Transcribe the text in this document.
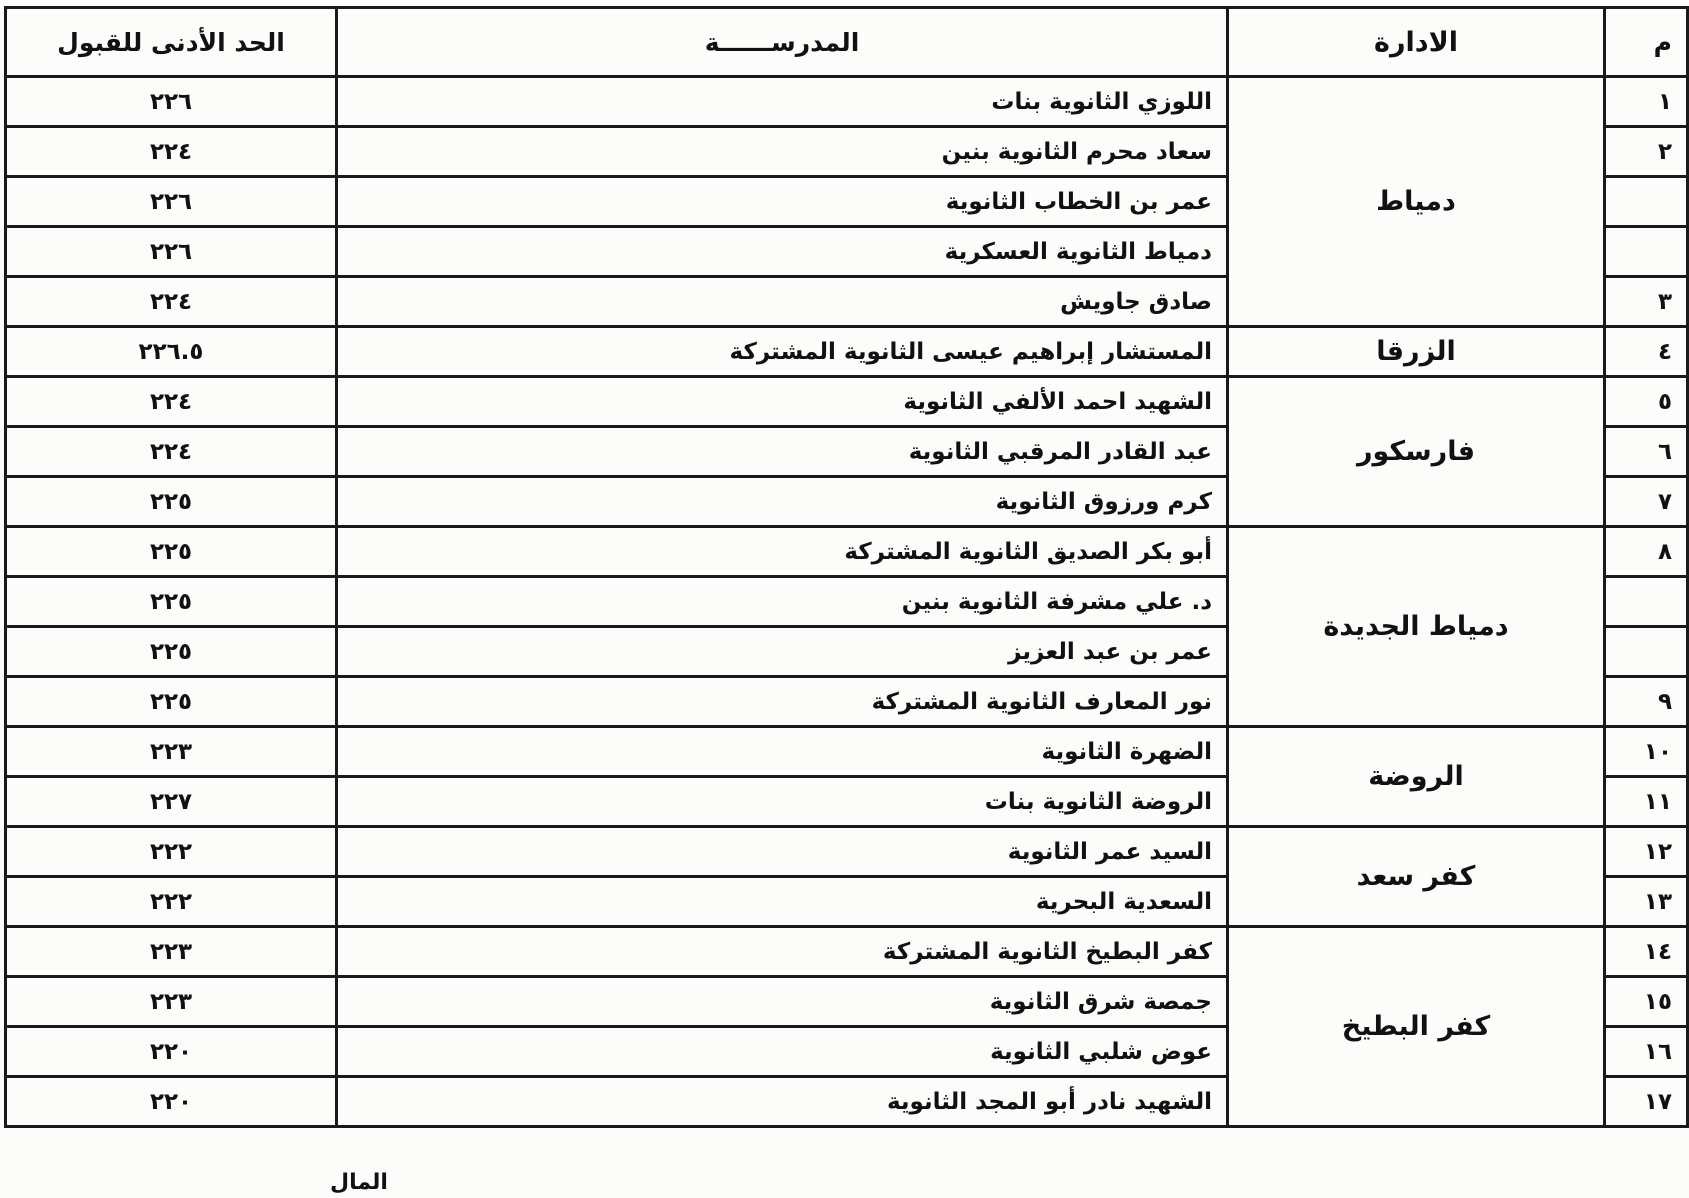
م	الادارة	المدرســــــة	الحد الأدنى للقبول
١	دمياط	اللوزي الثانوية بنات	٢٢٦
٢		سعاد محرم الثانوية بنين	٢٢٤
		عمر بن الخطاب الثانوية	٢٢٦
		دمياط الثانوية العسكرية	٢٢٦
٣		صادق جاويش	٢٢٤
٤	الزرقا	المستشار إبراهيم عيسى الثانوية المشتركة	٢٢٦.٥
٥	فارسكور	الشهيد احمد الألفي الثانوية	٢٢٤
٦		عبد القادر المرقبي الثانوية	٢٢٤
٧		كرم ورزوق الثانوية	٢٢٥
٨	دمياط الجديدة	أبو بكر الصديق الثانوية المشتركة	٢٢٥
		د. علي مشرفة الثانوية بنين	٢٢٥
		عمر بن عبد العزيز	٢٢٥
٩		نور المعارف الثانوية المشتركة	٢٢٥
١٠	الروضة	الضهرة الثانوية	٢٢٣
١١		الروضة الثانوية بنات	٢٢٧
١٢	كفر سعد	السيد عمر الثانوية	٢٢٢
١٣		السعدية البحرية	٢٢٢
١٤	كفر البطيخ	كفر البطيخ الثانوية المشتركة	٢٢٣
١٥		جمصة شرق الثانوية	٢٢٣
١٦		عوض شلبي الثانوية	٢٢٠
١٧		الشهيد نادر أبو المجد الثانوية	٢٢٠
المال
